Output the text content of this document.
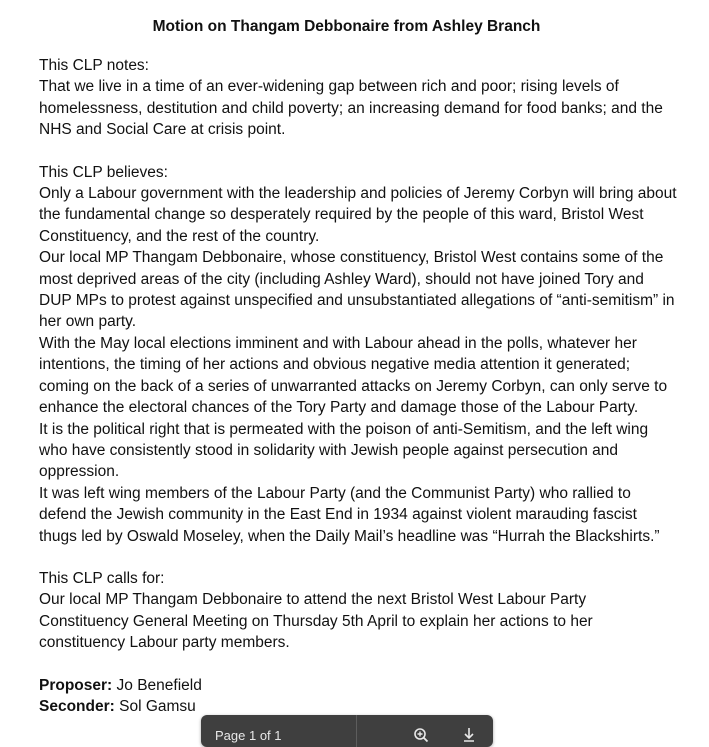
Motion on Thangam Debbonaire from Ashley Branch

This CLP notes:

That we live in a time of an ever-widening gap between rich and poor; rising levels of homelessness, destitution and child poverty; an increasing demand for food banks; and the NHS and Social Care at crisis point.

This CLP believes:

Only a Labour government with the leadership and policies of Jeremy Corbyn will bring about the fundamental change so desperately required by the people of this ward, Bristol West Constituency, and the rest of the country.

Our local MP Thangam Debbonaire, whose constituency, Bristol West contains some of the most deprived areas of the city (including Ashley Ward), should not have joined Tory and DUP MPs to protest against unspecified and unsubstantiated allegations of “anti-semitism” in her own party.

With the May local elections imminent and with Labour ahead in the polls, whatever her intentions, the timing of her actions and obvious negative media attention it generated; coming on the back of a series of unwarranted attacks on Jeremy Corbyn, can only serve to enhance the electoral chances of the Tory Party and damage those of the Labour Party.

It is the political right that is permeated with the poison of anti-Semitism, and the left wing who have consistently stood in solidarity with Jewish people against persecution and oppression.

It was left wing members of the Labour Party (and the Communist Party) who rallied to defend the Jewish community in the East End in 1934 against violent marauding fascist thugs led by Oswald Moseley, when the Daily Mail’s headline was “Hurrah the Blackshirts.”

This CLP calls for:

Our local MP Thangam Debbonaire to attend the next Bristol West Labour Party Constituency General Meeting on Thursday 5th April to explain her actions to her constituency Labour party members.

Proposer: Jo Benefield

Seconder: Sol Gamsu

Page 1 of 1
